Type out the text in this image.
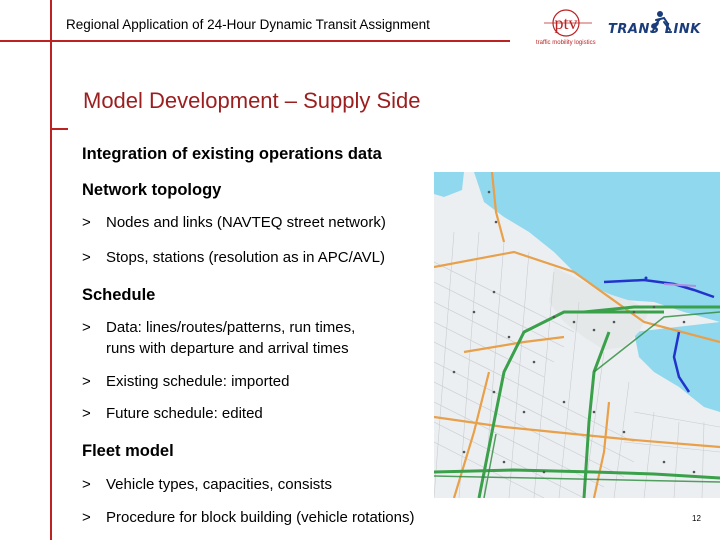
Regional Application of 24-Hour Dynamic Transit Assignment	ptv
traffic mobility logistics
TRANS LINK
Model Development – Supply Side
Integration of existing operations data
Network topology
> Nodes and links (NAVTEQ street network)
> Stops, stations (resolution as in APC/AVL)
Schedule
> Data: lines/routes/patterns, run times,
runs with departure and arrival times
> Existing schedule: imported
> Future schedule: edited
Fleet model
> Vehicle types, capacities, consists
> Procedure for block building (vehicle rotations)	12
